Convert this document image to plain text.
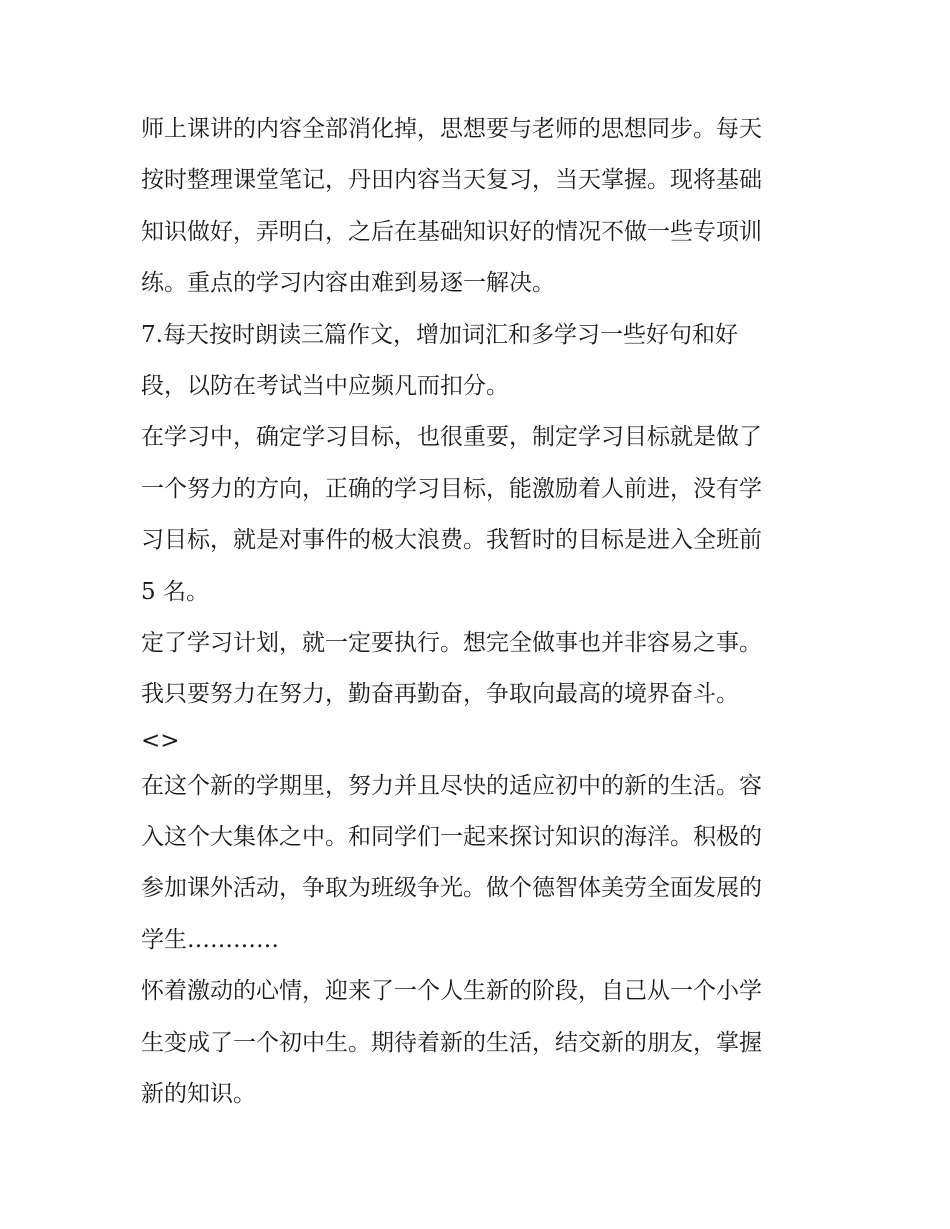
师上课讲的内容全部消化掉，思想要与老师的思想同步。每天

按时整理课堂笔记，丹田内容当天复习，当天掌握。现将基础

知识做好，弄明白，之后在基础知识好的情况不做一些专项训

练。重点的学习内容由难到易逐一解决。

7.每天按时朗读三篇作文，增加词汇和多学习一些好句和好

段，以防在考试当中应频凡而扣分。

在学习中，确定学习目标，也很重要，制定学习目标就是做了

一个努力的方向，正确的学习目标，能激励着人前进，没有学

习目标，就是对事件的极大浪费。我暂时的目标是进入全班前

5 名。

定了学习计划，就一定要执行。想完全做事也并非容易之事。

我只要努力在努力，勤奋再勤奋，争取向最高的境界奋斗。

<>

在这个新的学期里，努力并且尽快的适应初中的新的生活。容

入这个大集体之中。和同学们一起来探讨知识的海洋。积极的

参加课外活动，争取为班级争光。做个德智体美劳全面发展的

学生…………

怀着激动的心情，迎来了一个人生新的阶段，自己从一个小学

生变成了一个初中生。期待着新的生活，结交新的朋友，掌握

新的知识。
